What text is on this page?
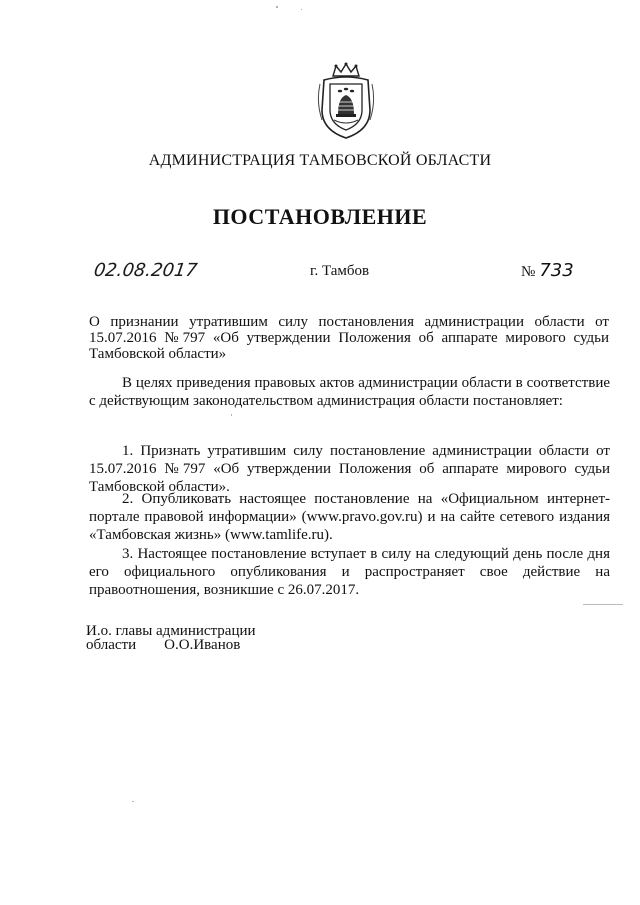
АДМИНИСТРАЦИЯ ТАМБОВСКОЙ ОБЛАСТИ
ПОСТАНОВЛЕНИЕ
02.08.2017	г. Тамбов	№ 733
О признании утратившим силу постановления администрации области от 15.07.2016 №797 «Об утверждении Положения об аппарате мирового судьи Тамбовской области»
В целях приведения правовых актов администрации области в соответствие с действующим законодательством администрация области постановляет:
1. Признать утратившим силу постановление администрации области от 15.07.2016 №797 «Об утверждении Положения об аппарате мирового судьи Тамбовской области».
2. Опубликовать настоящее постановление на «Официальном интернет-портале правовой информации» (www.pravo.gov.ru) и на сайте сетевого издания «Тамбовская жизнь» (www.tamlife.ru).
3. Настоящее постановление вступает в силу на следующий день после дня его официального опубликования и распространяет свое действие на правоотношения, возникшие с 26.07.2017.
И.о. главы администрации
области О.О.Иванов
